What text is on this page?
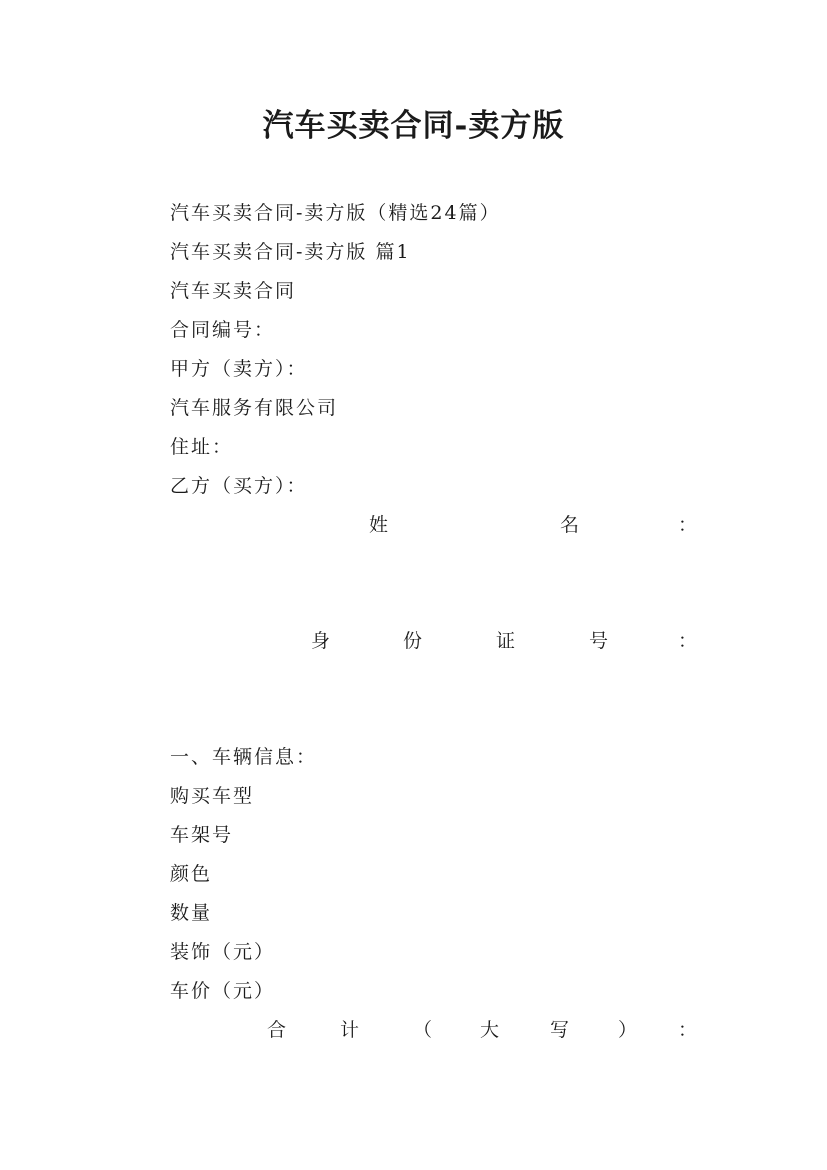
汽车买卖合同-卖方版
汽车买卖合同-卖方版（精选24篇）
汽车买卖合同-卖方版 篇1
汽车买卖合同
合同编号：
甲方（卖方）：
汽车服务有限公司
住址：
乙方（买方）：
姓	名	：
身	份	证	号	：
一、车辆信息：
购买车型
车架号
颜色
数量
装饰（元）
车价（元）
合	计	（	大	写	） ：
